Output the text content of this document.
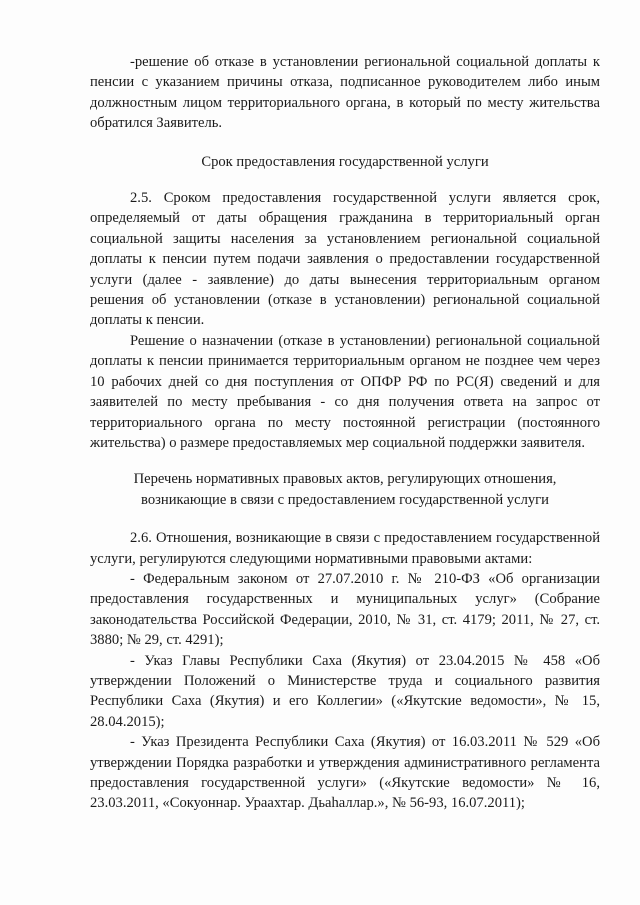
-решение об отказе в установлении региональной социальной доплаты к пенсии с указанием причины отказа, подписанное руководителем либо иным должностным лицом территориального органа, в который по месту жительства обратился Заявитель.

Срок предоставления государственной услуги

2.5. Сроком предоставления государственной услуги является срок, определяемый от даты обращения гражданина в территориальный орган социальной защиты населения за установлением региональной социальной доплаты к пенсии путем подачи заявления о предоставлении государственной услуги (далее - заявление) до даты вынесения территориальным органом решения об установлении (отказе в установлении) региональной социальной доплаты к пенсии.

Решение о назначении (отказе в установлении) региональной социальной доплаты к пенсии принимается территориальным органом не позднее чем через 10 рабочих дней со дня поступления от ОПФР РФ по РС(Я) сведений и для заявителей по месту пребывания - со дня получения ответа на запрос от территориального органа по месту постоянной регистрации (постоянного жительства) о размере предоставляемых мер социальной поддержки заявителя.

Перечень нормативных правовых актов, регулирующих отношения,
возникающие в связи с предоставлением государственной услуги

2.6. Отношения, возникающие в связи с предоставлением государственной услуги, регулируются следующими нормативными правовыми актами:

- Федеральным законом от 27.07.2010 г. № 210-ФЗ «Об организации предоставления государственных и муниципальных услуг» (Собрание законодательства Российской Федерации, 2010, № 31, ст. 4179; 2011, № 27, ст. 3880; № 29, ст. 4291);

- Указ Главы Республики Саха (Якутия) от 23.04.2015 № 458 «Об утверждении Положений о Министерстве труда и социального развития Республики Саха (Якутия) и его Коллегии» («Якутские ведомости», № 15, 28.04.2015);

- Указ Президента Республики Саха (Якутия) от 16.03.2011 № 529 «Об утверждении Порядка разработки и утверждения административного регламента предоставления государственной услуги» («Якутские ведомости» № 16, 23.03.2011, «Сокуоннар. Ураахтар. Дьаһаллар.», № 56-93, 16.07.2011);
